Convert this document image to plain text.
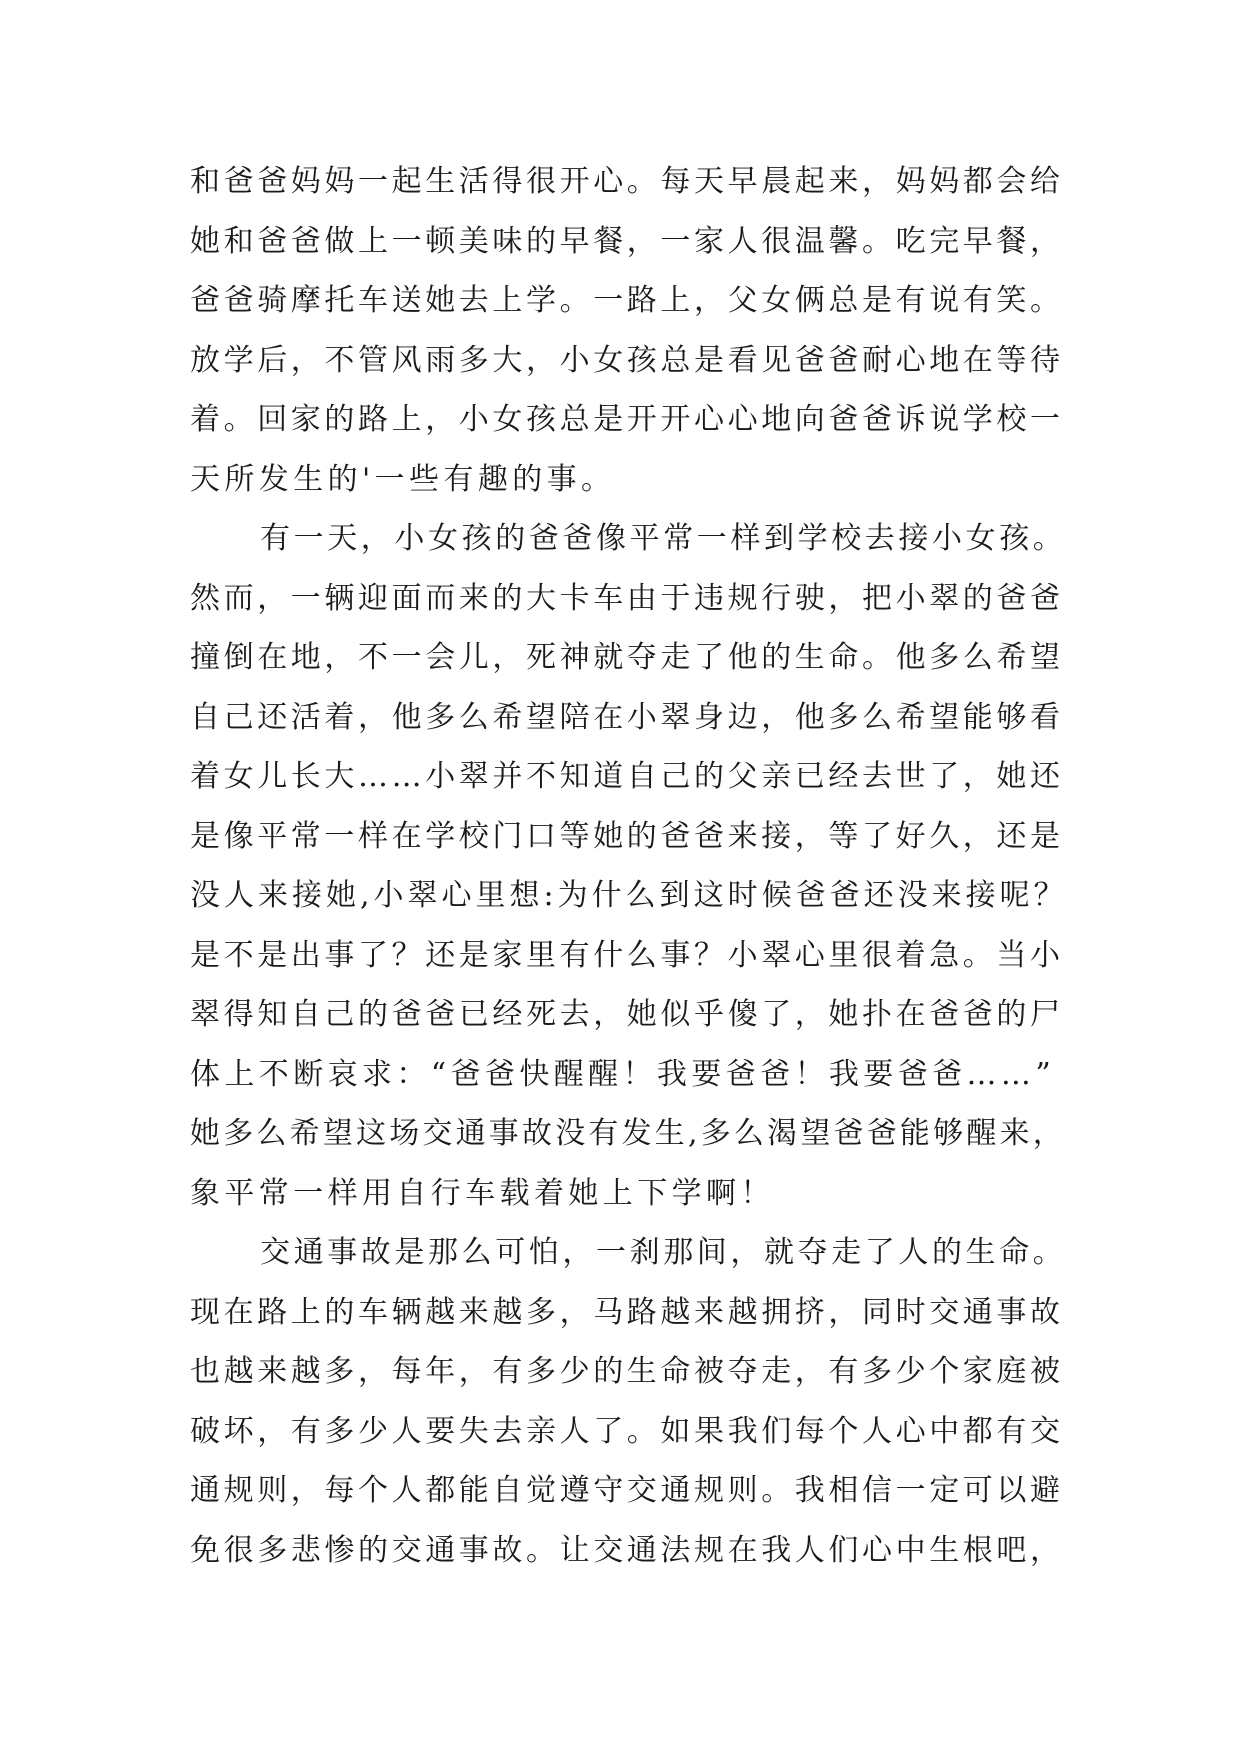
和爸爸妈妈一起生活得很开心。每天早晨起来，妈妈都会给
她和爸爸做上一顿美味的早餐，一家人很温馨。吃完早餐，
爸爸骑摩托车送她去上学。一路上，父女俩总是有说有笑。
放学后，不管风雨多大，小女孩总是看见爸爸耐心地在等待
着。回家的路上，小女孩总是开开心心地向爸爸诉说学校一
天所发生的'一些有趣的事。
有一天，小女孩的爸爸像平常一样到学校去接小女孩。
然而，一辆迎面而来的大卡车由于违规行驶，把小翠的爸爸
撞倒在地，不一会儿，死神就夺走了他的生命。他多么希望
自己还活着，他多么希望陪在小翠身边，他多么希望能够看
着女儿长大……小翠并不知道自己的父亲已经去世了，她还
是像平常一样在学校门口等她的爸爸来接，等了好久，还是
没人来接她,小翠心里想:为什么到这时候爸爸还没来接呢？
是不是出事了？还是家里有什么事？小翠心里很着急。当小
翠得知自己的爸爸已经死去，她似乎傻了，她扑在爸爸的尸
体上不断哀求：“爸爸快醒醒！我要爸爸！我要爸爸……”
她多么希望这场交通事故没有发生,多么渴望爸爸能够醒来，
象平常一样用自行车载着她上下学啊！
交通事故是那么可怕，一刹那间，就夺走了人的生命。
现在路上的车辆越来越多，马路越来越拥挤，同时交通事故
也越来越多，每年，有多少的生命被夺走，有多少个家庭被
破坏，有多少人要失去亲人了。如果我们每个人心中都有交
通规则，每个人都能自觉遵守交通规则。我相信一定可以避
免很多悲惨的交通事故。让交通法规在我人们心中生根吧，
